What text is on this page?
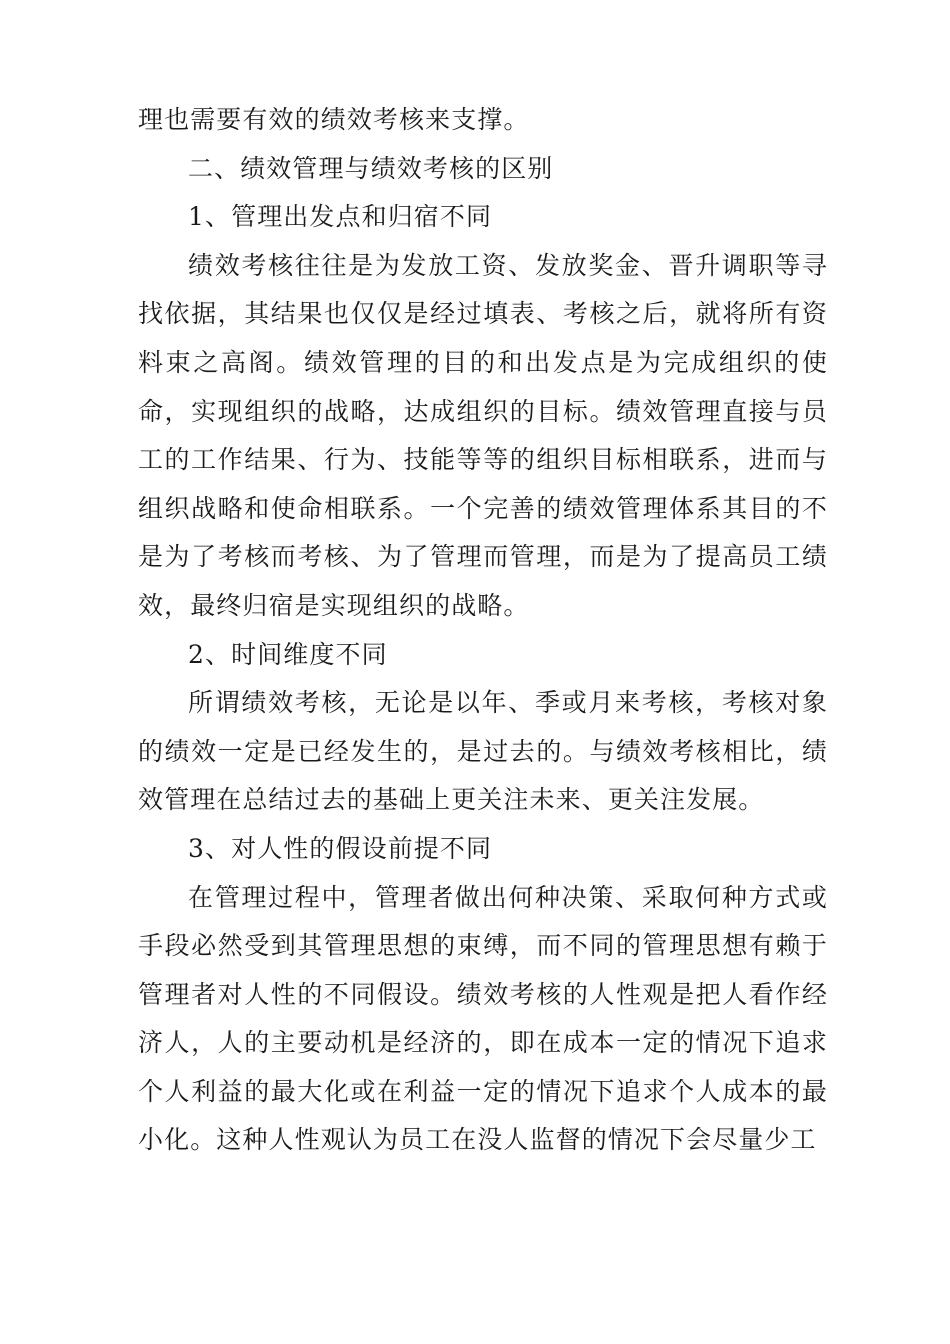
理也需要有效的绩效考核来支撑。

二、绩效管理与绩效考核的区别

1、管理出发点和归宿不同

绩效考核往往是为发放工资、发放奖金、晋升调职等寻找依据，其结果也仅仅是经过填表、考核之后，就将所有资料束之高阁。绩效管理的目的和出发点是为完成组织的使命，实现组织的战略，达成组织的目标。绩效管理直接与员工的工作结果、行为、技能等等的组织目标相联系，进而与组织战略和使命相联系。一个完善的绩效管理体系其目的不是为了考核而考核、为了管理而管理，而是为了提高员工绩效，最终归宿是实现组织的战略。

2、时间维度不同

所谓绩效考核，无论是以年、季或月来考核，考核对象的绩效一定是已经发生的，是过去的。与绩效考核相比，绩效管理在总结过去的基础上更关注未来、更关注发展。

3、对人性的假设前提不同

在管理过程中，管理者做出何种决策、采取何种方式或手段必然受到其管理思想的束缚，而不同的管理思想有赖于管理者对人性的不同假设。绩效考核的人性观是把人看作经济人，人的主要动机是经济的，即在成本一定的情况下追求个人利益的最大化或在利益一定的情况下追求个人成本的最小化。这种人性观认为员工在没人监督的情况下会尽量少工
